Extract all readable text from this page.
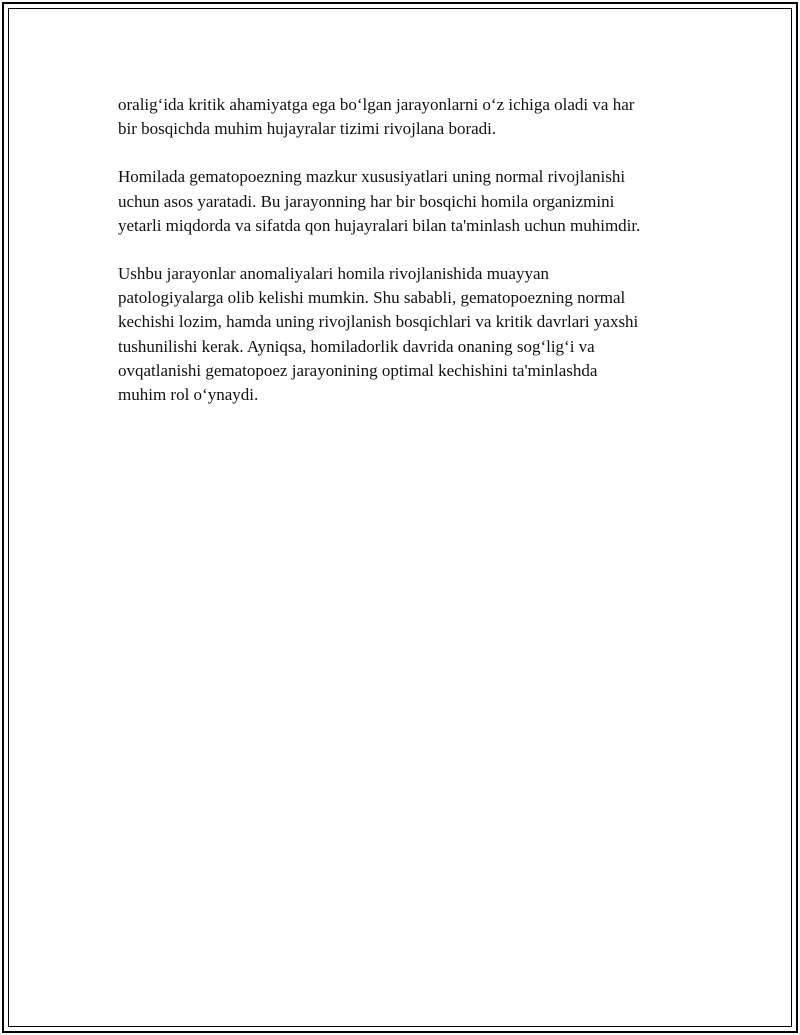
oralig‘ida kritik ahamiyatga ega bo‘lgan jarayonlarni o‘z ichiga oladi va har
bir bosqichda muhim hujayralar tizimi rivojlana boradi.

Homilada gematopoezning mazkur xususiyatlari uning normal rivojlanishi
uchun asos yaratadi. Bu jarayonning har bir bosqichi homila organizmini
yetarli miqdorda va sifatda qon hujayralari bilan ta'minlash uchun muhimdir.

Ushbu jarayonlar anomaliyalari homila rivojlanishida muayyan
patologiyalarga olib kelishi mumkin. Shu sababli, gematopoezning normal
kechishi lozim, hamda uning rivojlanish bosqichlari va kritik davrlari yaxshi
tushunilishi kerak. Ayniqsa, homiladorlik davrida onaning sog‘lig‘i va
ovqatlanishi gematopoez jarayonining optimal kechishini ta'minlashda
muhim rol o‘ynaydi.
